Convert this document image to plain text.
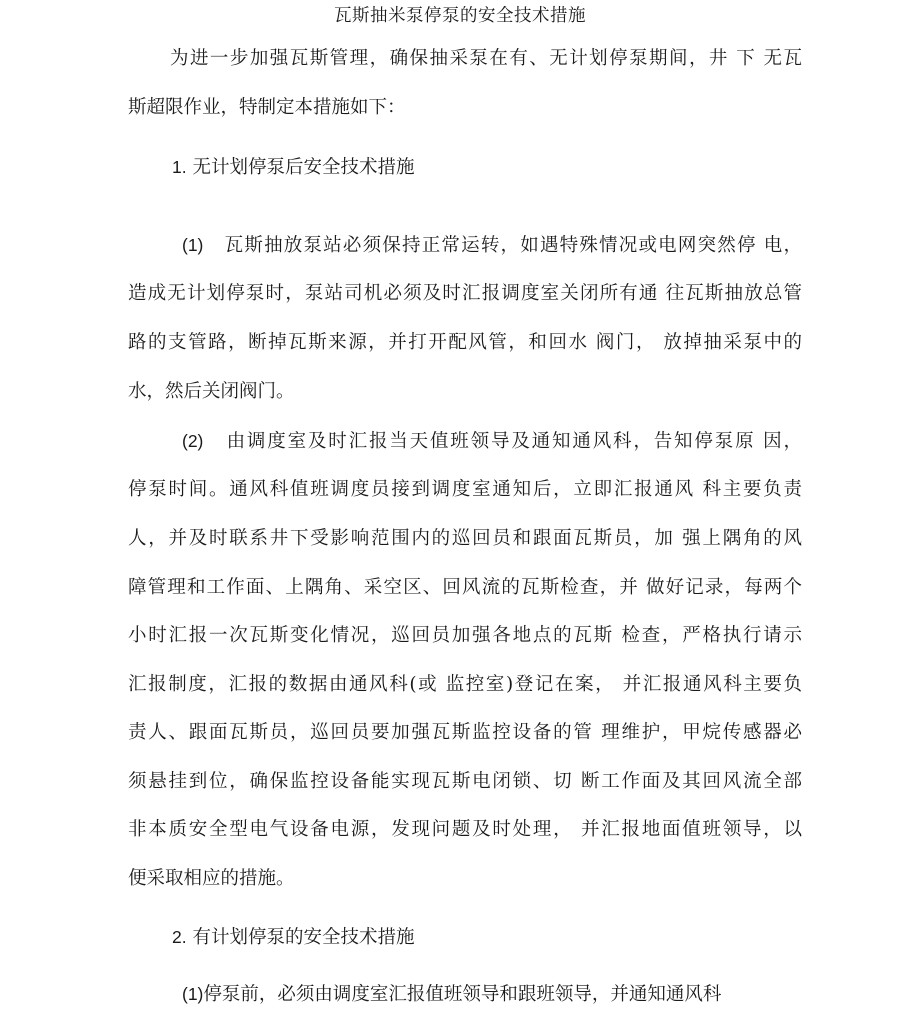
瓦斯抽米泵停泵的安全技术措施
为进一步加强瓦斯管理，确保抽采泵在有、无计划停泵期间，井 下 无瓦
斯超限作业，特制定本措施如下：
1. 无计划停泵后安全技术措施
(1) 瓦斯抽放泵站必须保持正常运转，如遇特殊情况或电网突然停 电，
造成无计划停泵时，泵站司机必须及时汇报调度室关闭所有通 往瓦斯抽放总管
路的支管路，断掉瓦斯来源，并打开配风管，和回水 阀门， 放掉抽采泵中的
水，然后关闭阀门。
(2) 由调度室及时汇报当天值班领导及通知通风科，告知停泵原 因，
停泵时间。通风科值班调度员接到调度室通知后，立即汇报通风 科主要负责
人，并及时联系井下受影响范围内的巡回员和跟面瓦斯员，加 强上隅角的风
障管理和工作面、上隅角、采空区、回风流的瓦斯检查，并 做好记录，每两个
小时汇报一次瓦斯变化情况，巡回员加强各地点的瓦斯 检查，严格执行请示
汇报制度，汇报的数据由通风科(或 监控室)登记在案， 并汇报通风科主要负
责人、跟面瓦斯员，巡回员要加强瓦斯监控设备的管 理维护，甲烷传感器必
须悬挂到位，确保监控设备能实现瓦斯电闭锁、切 断工作面及其回风流全部
非本质安全型电气设备电源，发现问题及时处理， 并汇报地面值班领导，以
便采取相应的措施。
2. 有计划停泵的安全技术措施
(1)停泵前，必须由调度室汇报值班领导和跟班领导，并通知通风科
